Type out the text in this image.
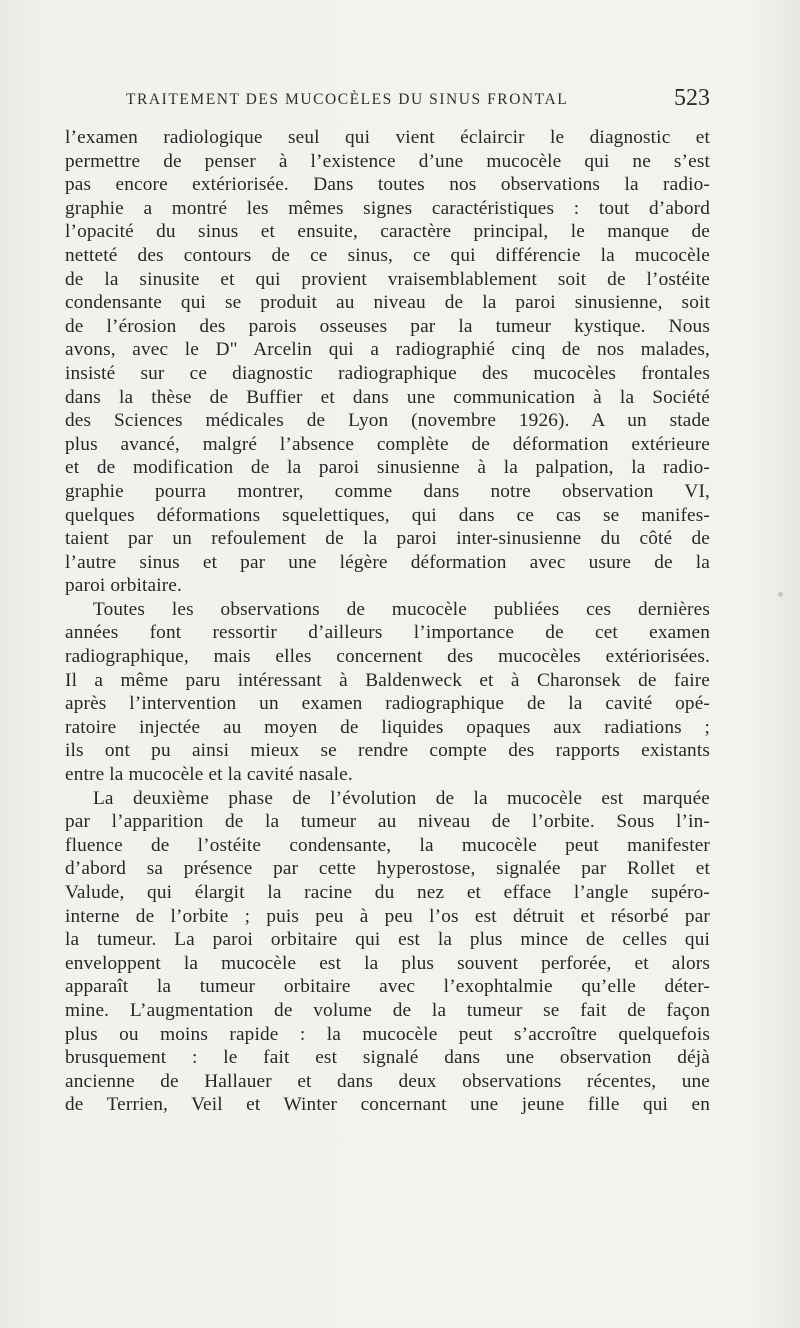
TRAITEMENT DES MUCOCÈLES DU SINUS FRONTAL	523
l’examen radiologique seul qui vient éclaircir le diagnostic et
permettre de penser à l’existence d’une mucocèle qui ne s’est
pas encore extériorisée. Dans toutes nos observations la radio-
graphie a montré les mêmes signes caractéristiques : tout d’abord
l’opacité du sinus et ensuite, caractère principal, le manque de
netteté des contours de ce sinus, ce qui différencie la mucocèle
de la sinusite et qui provient vraisemblablement soit de l’ostéite
condensante qui se produit au niveau de la paroi sinusienne, soit
de l’érosion des parois osseuses par la tumeur kystique. Nous
avons, avec le D" Arcelin qui a radiographié cinq de nos malades,
insisté sur ce diagnostic radiographique des mucocèles frontales
dans la thèse de Buffier et dans une communication à la Société
des Sciences médicales de Lyon (novembre 1926). A un stade
plus avancé, malgré l’absence complète de déformation extérieure
et de modification de la paroi sinusienne à la palpation, la radio-
graphie pourra montrer, comme dans notre observation VI,
quelques déformations squelettiques, qui dans ce cas se manifes-
taient par un refoulement de la paroi inter-sinusienne du côté de
l’autre sinus et par une légère déformation avec usure de la
paroi orbitaire.
Toutes les observations de mucocèle publiées ces dernières
années font ressortir d’ailleurs l’importance de cet examen
radiographique, mais elles concernent des mucocèles extériorisées.
Il a même paru intéressant à Baldenweck et à Charonsek de faire
après l’intervention un examen radiographique de la cavité opé-
ratoire injectée au moyen de liquides opaques aux radiations ;
ils ont pu ainsi mieux se rendre compte des rapports existants
entre la mucocèle et la cavité nasale.
La deuxième phase de l’évolution de la mucocèle est marquée
par l’apparition de la tumeur au niveau de l’orbite. Sous l’in-
fluence de l’ostéite condensante, la mucocèle peut manifester
d’abord sa présence par cette hyperostose, signalée par Rollet et
Valude, qui élargit la racine du nez et efface l’angle supéro-
interne de l’orbite ; puis peu à peu l’os est détruit et résorbé par
la tumeur. La paroi orbitaire qui est la plus mince de celles qui
enveloppent la mucocèle est la plus souvent perforée, et alors
apparaît la tumeur orbitaire avec l’exophtalmie qu’elle déter-
mine. L’augmentation de volume de la tumeur se fait de façon
plus ou moins rapide : la mucocèle peut s’accroître quelquefois
brusquement : le fait est signalé dans une observation déjà
ancienne de Hallauer et dans deux observations récentes, une
de Terrien, Veil et Winter concernant une jeune fille qui en
